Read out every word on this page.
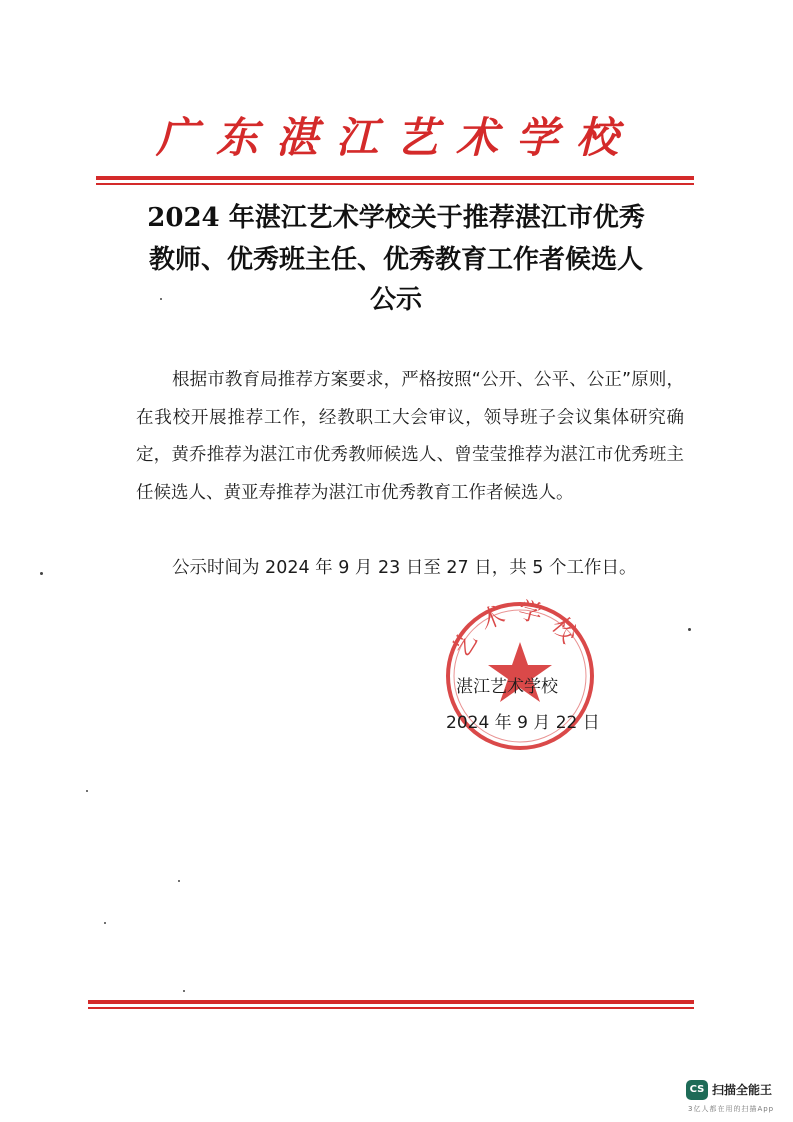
广东湛江艺术学校
2024 年湛江艺术学校关于推荐湛江市优秀
教师、优秀班主任、优秀教育工作者候选人
公示
根据市教育局推荐方案要求，严格按照“公开、公平、公正”原则，在我校开展推荐工作，经教职工大会审议，领导班子会议集体研究确定，黄乔推荐为湛江市优秀教师候选人、曾莹莹推荐为湛江市优秀班主任候选人、黄亚寿推荐为湛江市优秀教育工作者候选人。
公示时间为 2024 年 9 月 23 日至 27 日，共 5 个工作日。
艺术学校
湛江艺术学校
2024 年 9 月 22 日
CS 扫描全能王
3亿人都在用的扫描App
